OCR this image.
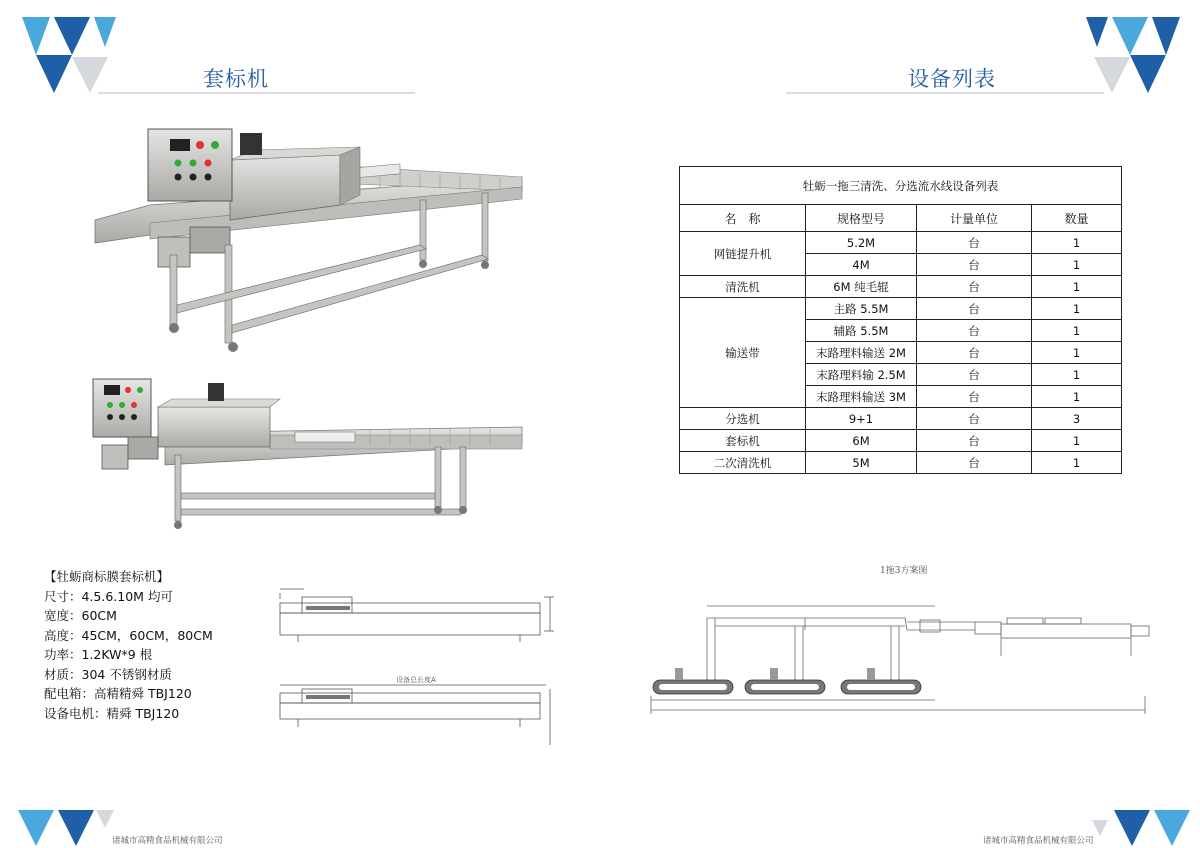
套标机	设备列表
【牡蛎商标膜套标机】
尺寸：4.5.6.10M 均可
宽度：60CM
高度：45CM，60CM，80CM
功率：1.2KW*9 根
材质：304 不锈钢材质
配电箱：高精精舜 TBJ120
设备电机：精舜 TBJ120
设备总长度A
牡蛎一拖三清洗、分选流水线设备列表			
名　称	规格型号	计量单位	数量
网链提升机	5.2M	台	1
	4M	台	1
清洗机	6M 纯毛辊	台	1
输送带	主路 5.5M	台	1
	辅路 5.5M	台	1
	末路理料输送 2M	台	1
	末路理料输 2.5M	台	1
	末路理料输送 3M	台	1
分选机	9+1	台	3
套标机	6M	台	1
二次清洗机	5M	台	1
1拖3方案图
诸城市高精食品机械有限公司	诸城市高精食品机械有限公司
